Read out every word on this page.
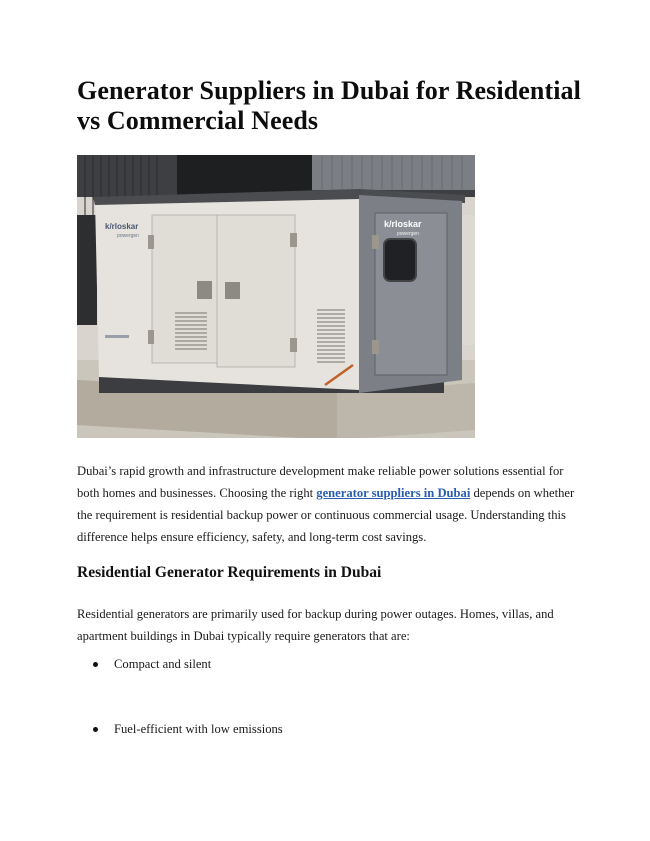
Generator Suppliers in Dubai for Residential vs Commercial Needs
k/rloskar
powergen
k/rloskar
powergen

Dubai’s rapid growth and infrastructure development make reliable power solutions essential for both homes and businesses. Choosing the right generator suppliers in Dubai depends on whether the requirement is residential backup power or continuous commercial usage. Understanding this difference helps ensure efficiency, safety, and long-term cost savings.

Residential Generator Requirements in Dubai

Residential generators are primarily used for backup during power outages. Homes, villas, and apartment buildings in Dubai typically require generators that are:

Compact and silent
Fuel-efficient with low emissions
